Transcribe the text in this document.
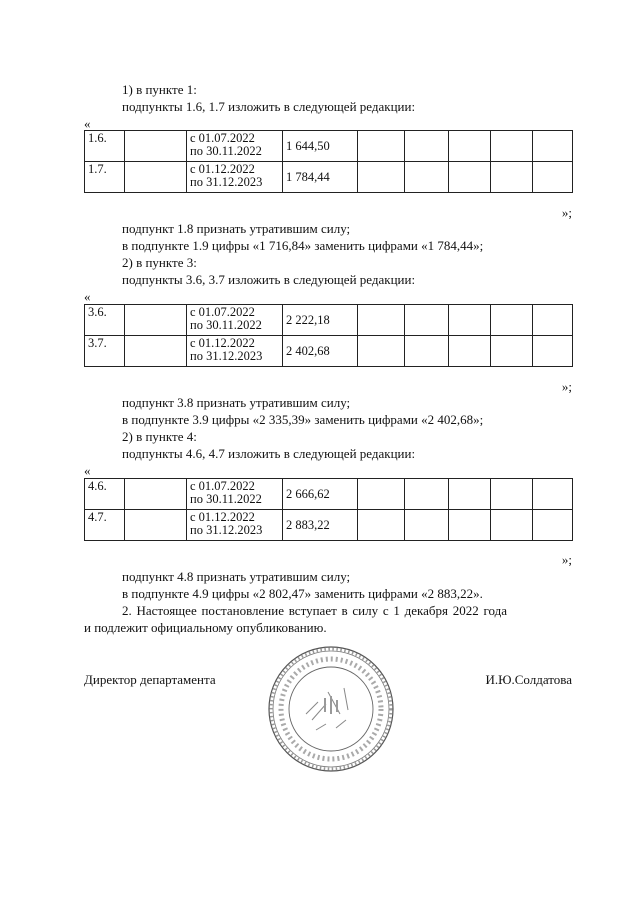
1) в пункте 1:
подпункты 1.6, 1.7 изложить в следующей редакции:
«
1.6.		с 01.07.2022
по 30.11.2022	1 644,50					
1.7.		с 01.12.2022
по 31.12.2023	1 784,44					
»;
подпункт 1.8 признать утратившим силу;
в подпункте 1.9 цифры «1 716,84» заменить цифрами «1 784,44»;
2) в пункте 3:
подпункты 3.6, 3.7 изложить в следующей редакции:
«
3.6.		с 01.07.2022
по 30.11.2022	2 222,18					
3.7.		с 01.12.2022
по 31.12.2023	2 402,68					
»;
подпункт 3.8 признать утратившим силу;
в подпункте 3.9 цифры «2 335,39» заменить цифрами «2 402,68»;
2) в пункте 4:
подпункты 4.6, 4.7 изложить в следующей редакции:
«
4.6.		с 01.07.2022
по 30.11.2022	2 666,62					
4.7.		с 01.12.2022
по 31.12.2023	2 883,22					
»;
подпункт 4.8 признать утратившим силу;
в подпункте 4.9 цифры «2 802,47» заменить цифрами «2 883,22».
2. Настоящее постановление вступает в силу с 1 декабря 2022 года
и подлежит официальному опубликованию.
Директор департамента	И.Ю.Солдатова
